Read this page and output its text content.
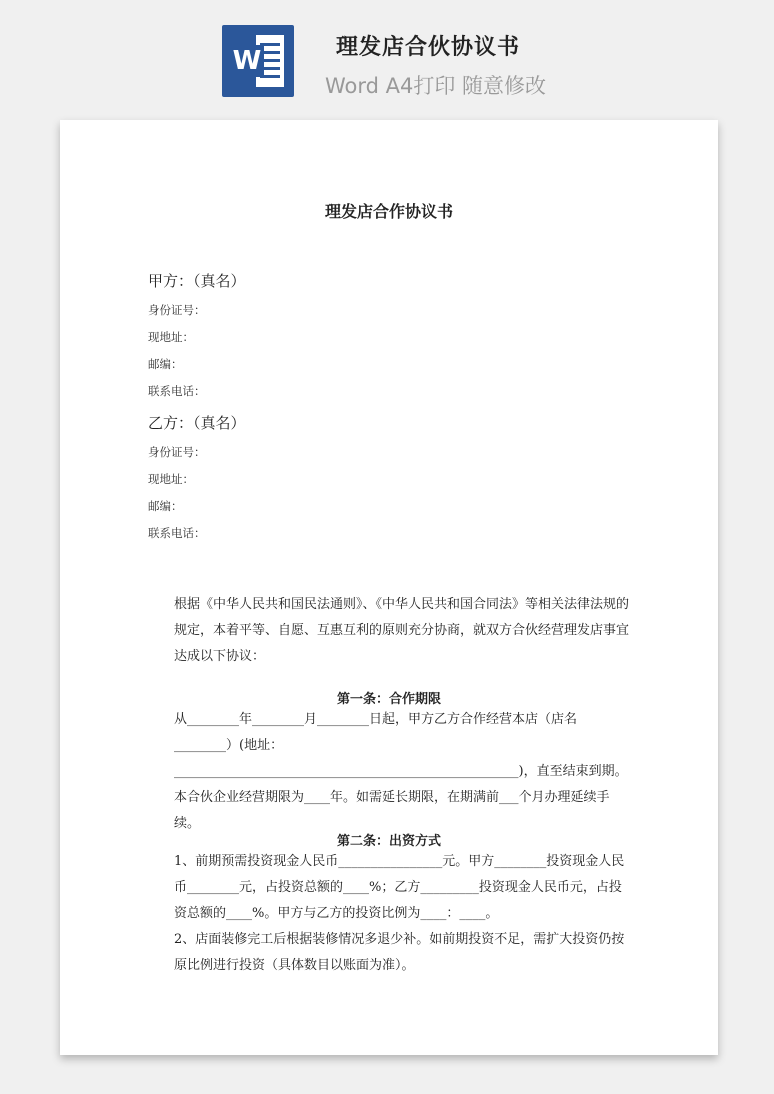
W	理发店合伙协议书
Word A4打印 随意修改
理发店合作协议书
甲方：（真名）
身份证号：
现地址：
邮编：
联系电话：
乙方：（真名）
身份证号：
现地址：
邮编：
联系电话：
根据《中华人民共和国民法通则》、《中华人民共和国合同法》等相关法律法规的规定，本着平等、自愿、互惠互利的原则充分协商，就双方合伙经营理发店事宜达成以下协议：
第一条：合作期限
从________年________月________日起，甲方乙方合作经营本店（店名________）(地址：_____________________________________________________)，直至结束到期。本合伙企业经营期限为____年。如需延长期限，在期满前___个月办理延续手续。
第二条：出资方式
1、前期预需投资现金人民币________________元。甲方________投资现金人民币________元，占投资总额的____%；乙方_________投资现金人民币元，占投资总额的____%。甲方与乙方的投资比例为____：____。
2、店面装修完工后根据装修情况多退少补。如前期投资不足，需扩大投资仍按原比例进行投资（具体数目以账面为准）。
